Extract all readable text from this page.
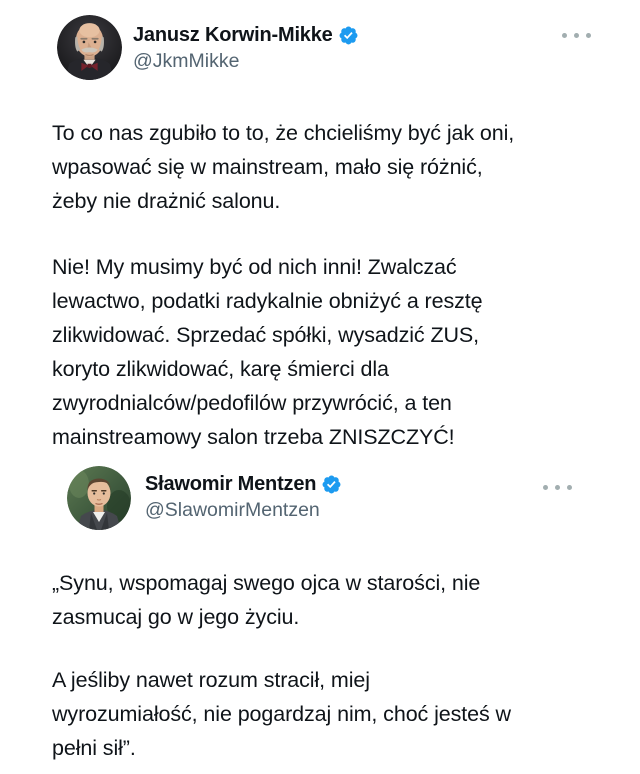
Janusz Korwin-Mikke
@JkmMikke

To co nas zgubiło to to, że chcieliśmy być jak oni,
wpasować się w mainstream, mało się różnić,
żeby nie drażnić salonu.

Nie! My musimy być od nich inni! Zwalczać
lewactwo, podatki radykalnie obniżyć a resztę
zlikwidować. Sprzedać spółki, wysadzić ZUS,
koryto zlikwidować, karę śmierci dla
zwyrodnialców/pedofilów przywrócić, a ten
mainstreamowy salon trzeba ZNISZCZYĆ!

Sławomir Mentzen
@SlawomirMentzen

„Synu, wspomagaj swego ojca w starości, nie
zasmucaj go w jego życiu.

A jeśliby nawet rozum stracił, miej
wyrozumiałość, nie pogardzaj nim, choć jesteś w
pełni sił”.
